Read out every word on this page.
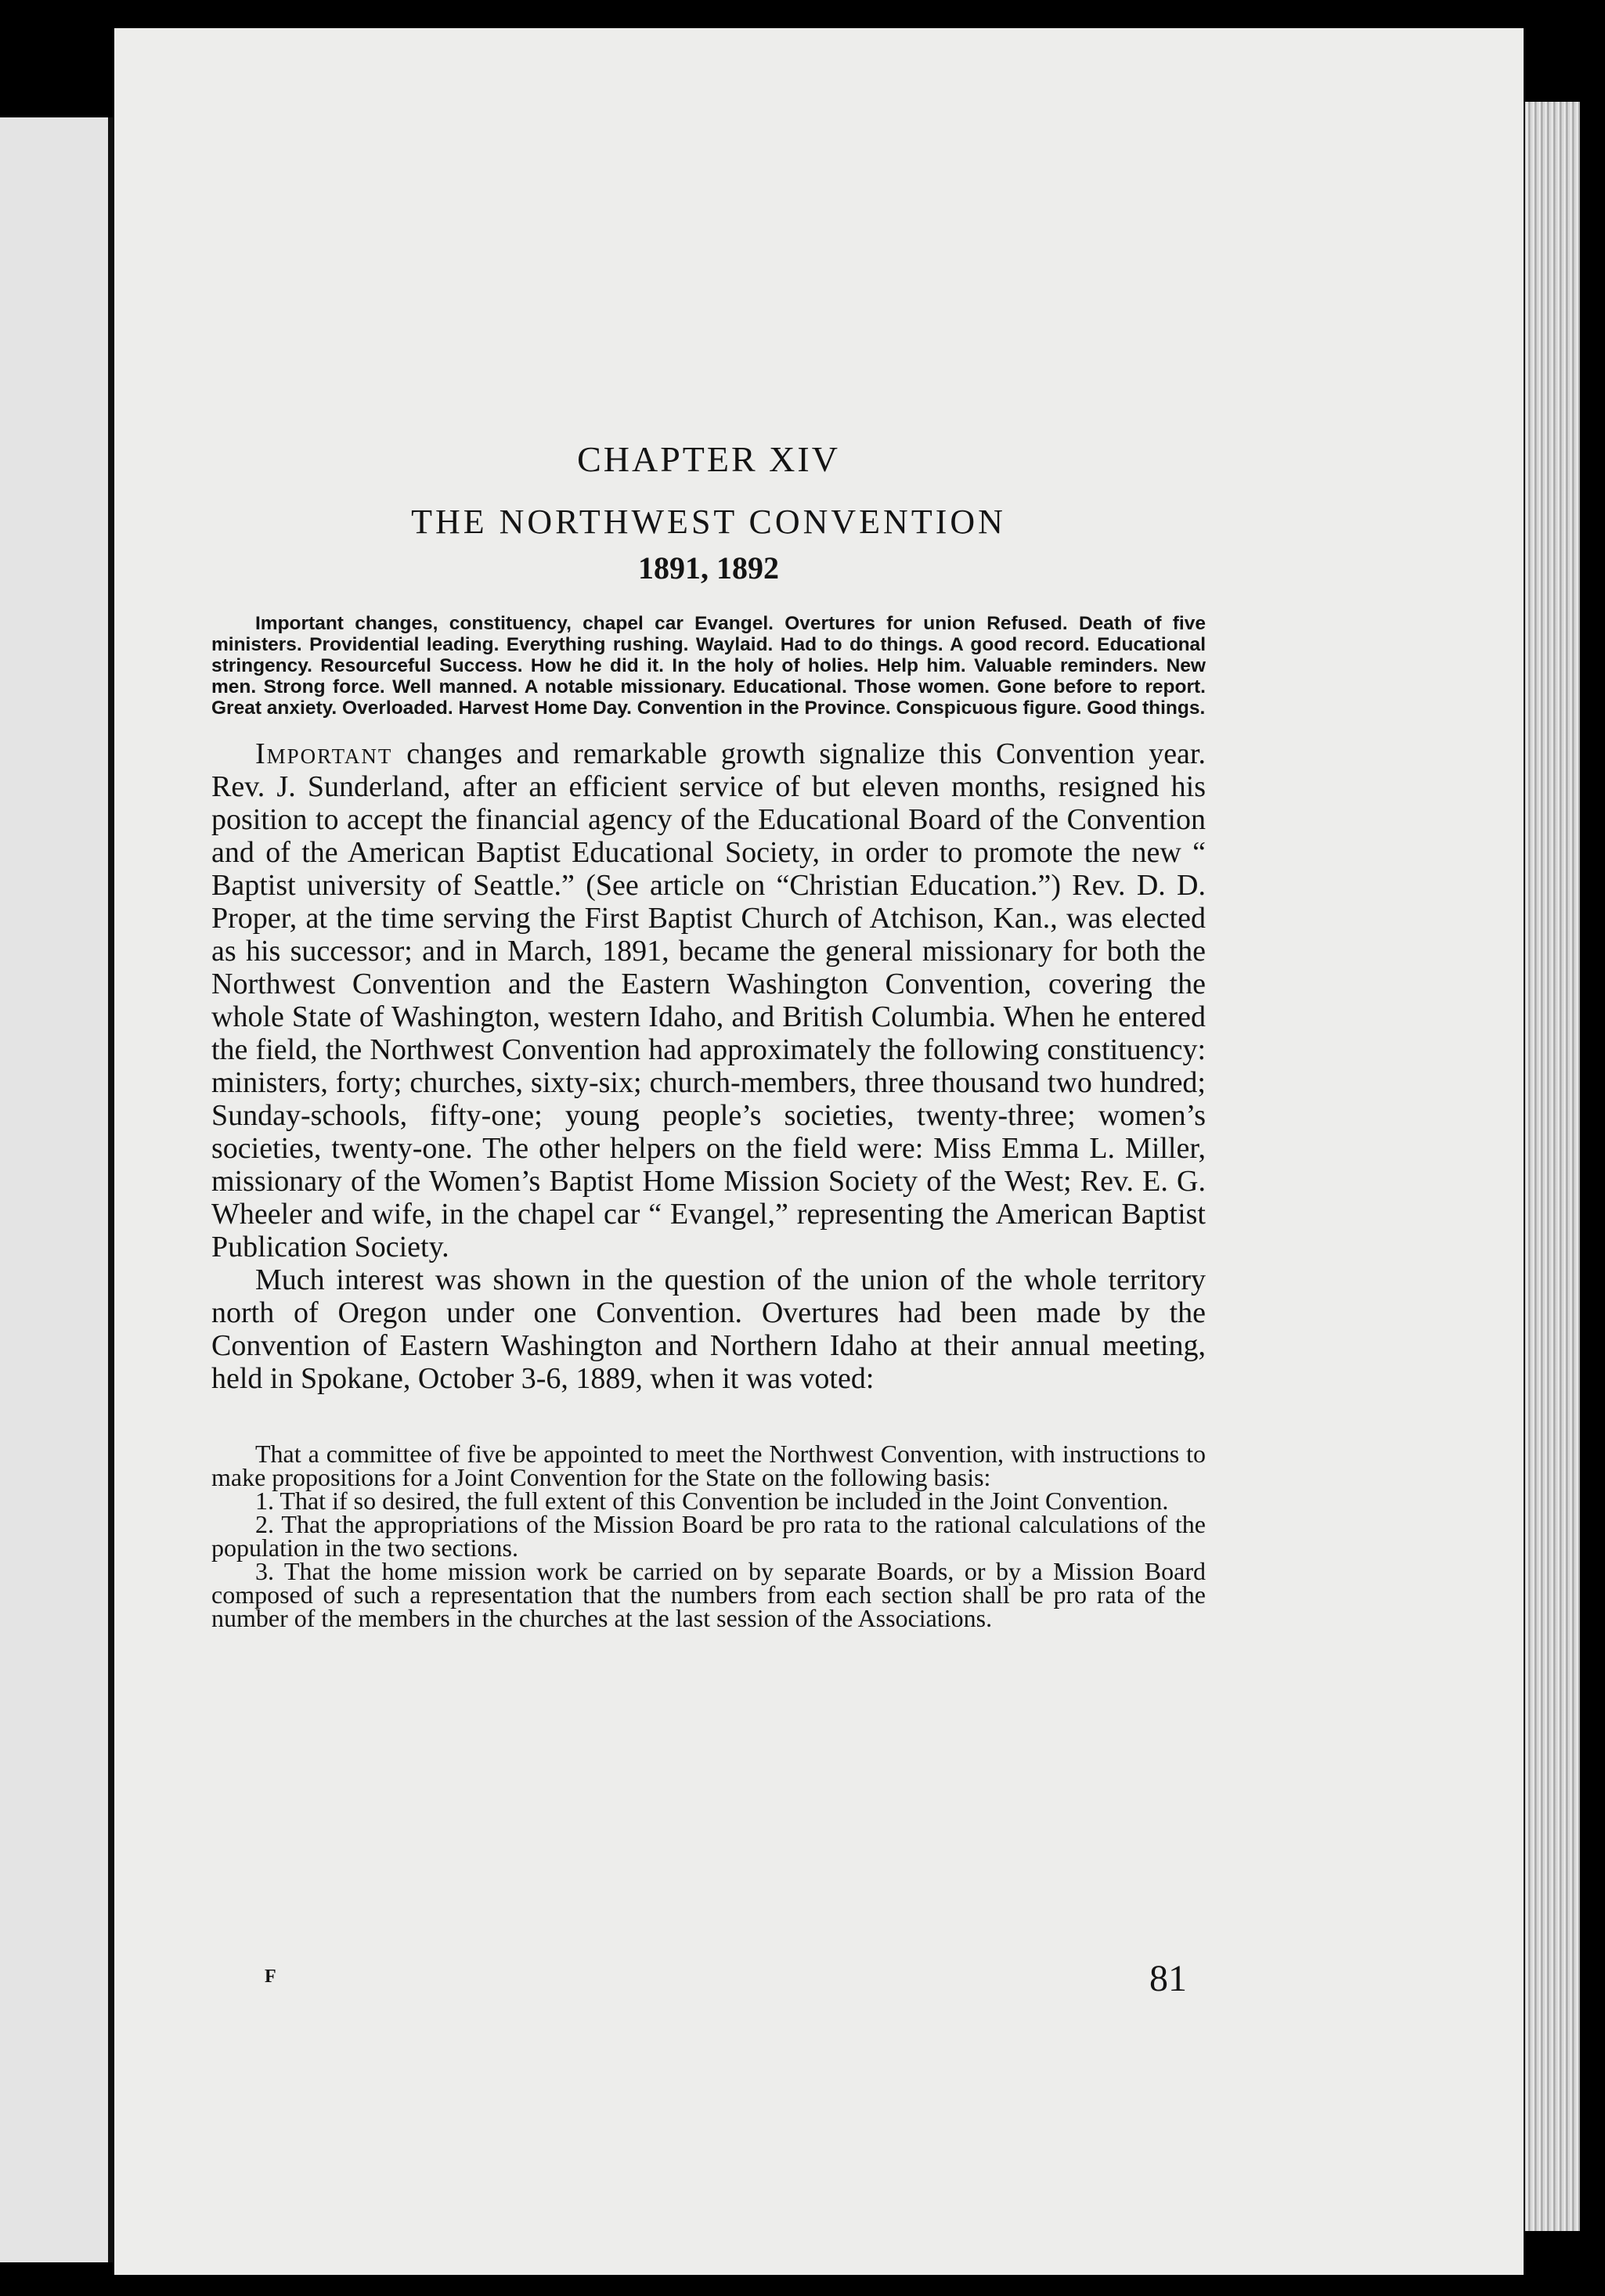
CHAPTER XIV
THE NORTHWEST CONVENTION
1891, 1892
Important changes, constituency, chapel car Evangel. Overtures for union Refused. Death of five ministers. Providential leading. Everything rushing. Waylaid. Had to do things. A good record. Educational stringency. Resourceful Success. How he did it. In the holy of holies. Help him. Valuable reminders. New men. Strong force. Well manned. A notable missionary. Educational. Those women. Gone before to report. Great anxiety. Overloaded. Harvest Home Day. Convention in the Province. Conspicuous figure. Good things.

Important changes and remarkable growth signalize this Convention year. Rev. J. Sunderland, after an efficient service of but eleven months, resigned his position to accept the financial agency of the Educational Board of the Convention and of the American Baptist Educational Society, in order to promote the new “ Baptist university of Seattle.” (See article on “Christian Education.”) Rev. D. D. Proper, at the time serving the First Baptist Church of Atchison, Kan., was elected as his successor; and in March, 1891, became the general missionary for both the Northwest Convention and the Eastern Washington Convention, covering the whole State of Washington, western Idaho, and British Columbia. When he entered the field, the Northwest Convention had approximately the following constituency: ministers, forty; churches, sixty-six; church-members, three thousand two hundred; Sunday-schools, fifty-one; young people’s societies, twenty-three; women’s societies, twenty-one. The other helpers on the field were: Miss Emma L. Miller, missionary of the Women’s Baptist Home Mission Society of the West; Rev. E. G. Wheeler and wife, in the chapel car “ Evangel,” representing the American Baptist Publication Society.

Much interest was shown in the question of the union of the whole territory north of Oregon under one Convention. Overtures had been made by the Convention of Eastern Washington and Northern Idaho at their annual meeting, held in Spokane, October 3-6, 1889, when it was voted:

That a committee of five be appointed to meet the Northwest Convention, with instructions to make propositions for a Joint Convention for the State on the following basis:

1. That if so desired, the full extent of this Convention be included in the Joint Convention.

2. That the appropriations of the Mission Board be pro rata to the rational calculations of the population in the two sections.

3. That the home mission work be carried on by separate Boards, or by a Mission Board composed of such a representation that the numbers from each section shall be pro rata of the number of the members in the churches at the last session of the Associations.

F	81
